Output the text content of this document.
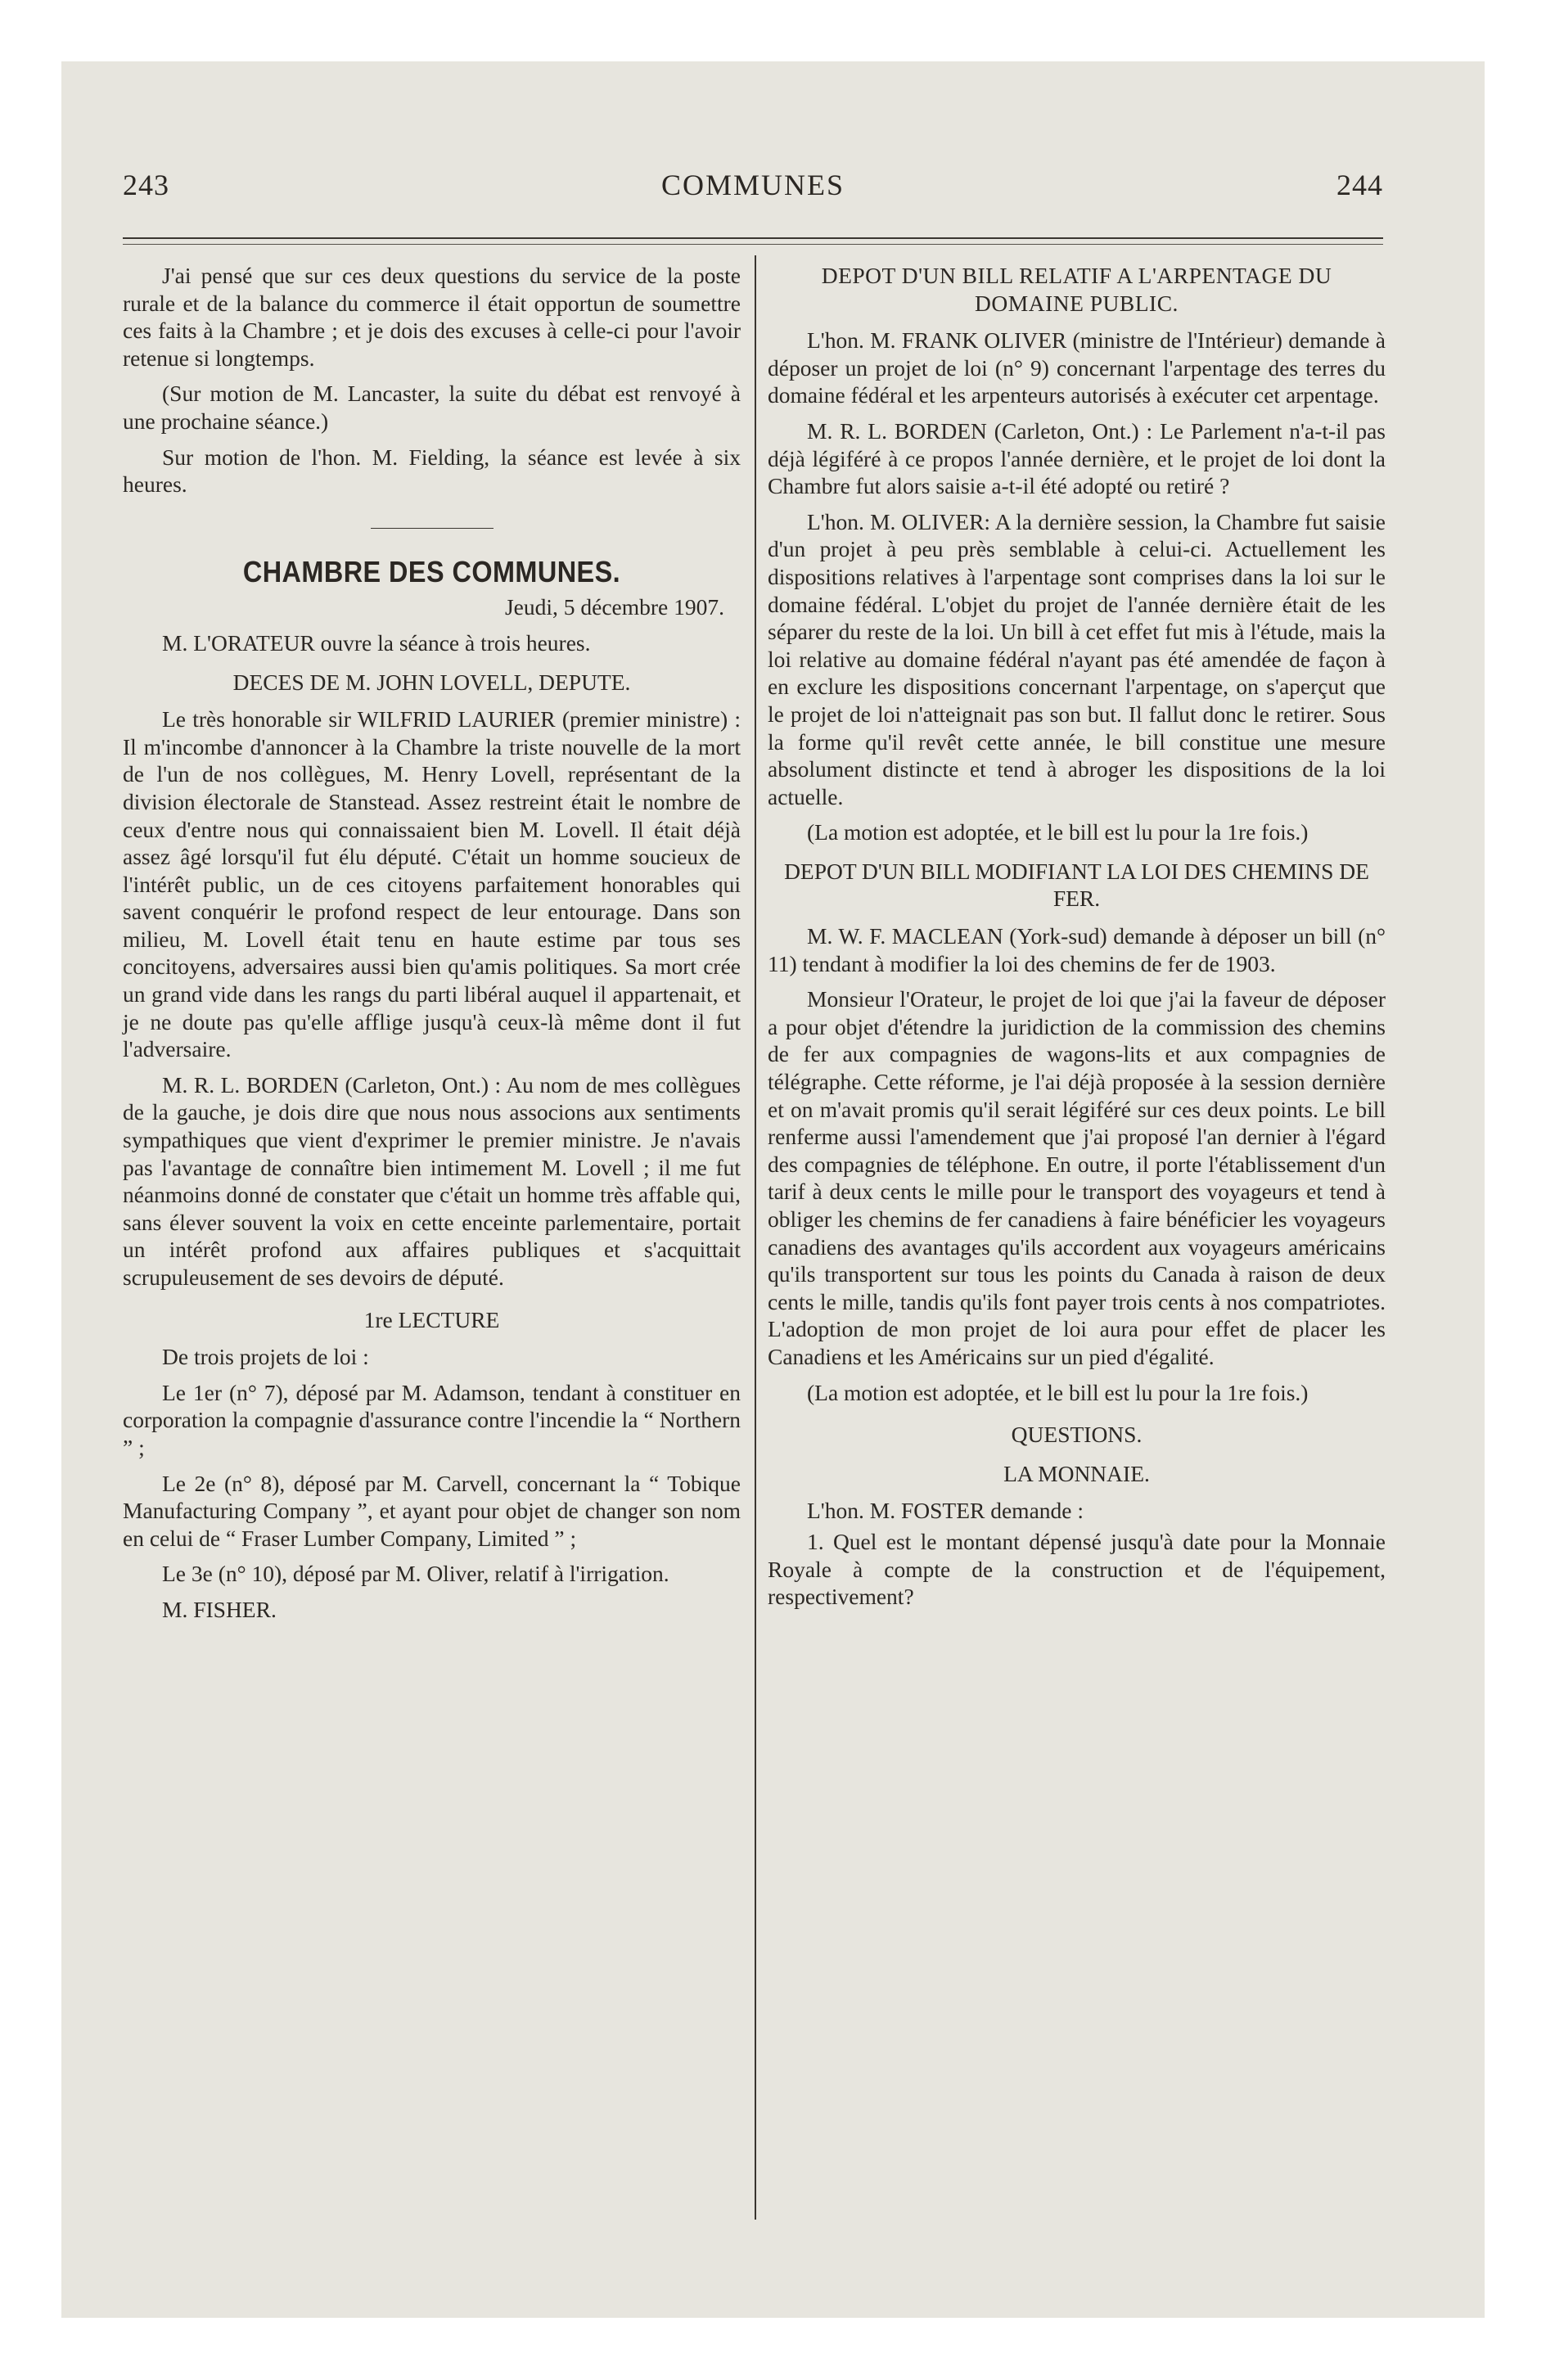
243	COMMUNES	244

J'ai pensé que sur ces deux questions du service de la poste rurale et de la balance du commerce il était opportun de soumettre ces faits à la Chambre ; et je dois des excuses à celle-ci pour l'avoir retenue si longtemps.

(Sur motion de M. Lancaster, la suite du débat est renvoyé à une prochaine séance.)

Sur motion de l'hon. M. Fielding, la séance est levée à six heures.

CHAMBRE DES COMMUNES.

Jeudi, 5 décembre 1907.

M. L'ORATEUR ouvre la séance à trois heures.

DECES DE M. JOHN LOVELL, DEPUTE.

Le très honorable sir WILFRID LAURIER (premier ministre) : Il m'incombe d'annoncer à la Chambre la triste nouvelle de la mort de l'un de nos collègues, M. Henry Lovell, représentant de la division électorale de Stanstead. Assez restreint était le nombre de ceux d'entre nous qui connaissaient bien M. Lovell. Il était déjà assez âgé lorsqu'il fut élu député. C'était un homme soucieux de l'intérêt public, un de ces citoyens parfaitement honorables qui savent conquérir le profond respect de leur entourage. Dans son milieu, M. Lovell était tenu en haute estime par tous ses concitoyens, adversaires aussi bien qu'amis politiques. Sa mort crée un grand vide dans les rangs du parti libéral auquel il appartenait, et je ne doute pas qu'elle afflige jusqu'à ceux-là même dont il fut l'adversaire.

M. R. L. BORDEN (Carleton, Ont.) : Au nom de mes collègues de la gauche, je dois dire que nous nous associons aux sentiments sympathiques que vient d'exprimer le premier ministre. Je n'avais pas l'avantage de connaître bien intimement M. Lovell ; il me fut néanmoins donné de constater que c'était un homme très affable qui, sans élever souvent la voix en cette enceinte parlementaire, portait un intérêt profond aux affaires publiques et s'acquittait scrupuleusement de ses devoirs de député.

1re LECTURE

De trois projets de loi :

Le 1er (n° 7), déposé par M. Adamson, tendant à constituer en corporation la compagnie d'assurance contre l'incendie la “ Northern ” ;

Le 2e (n° 8), déposé par M. Carvell, concernant la “ Tobique Manufacturing Company ”, et ayant pour objet de changer son nom en celui de “ Fraser Lumber Company, Limited ” ;

Le 3e (n° 10), déposé par M. Oliver, relatif à l'irrigation.

M. FISHER.

DEPOT D'UN BILL RELATIF A L'ARPENTAGE DU DOMAINE PUBLIC.

L'hon. M. FRANK OLIVER (ministre de l'Intérieur) demande à déposer un projet de loi (n° 9) concernant l'arpentage des terres du domaine fédéral et les arpenteurs autorisés à exécuter cet arpentage.

M. R. L. BORDEN (Carleton, Ont.) : Le Parlement n'a-t-il pas déjà légiféré à ce propos l'année dernière, et le projet de loi dont la Chambre fut alors saisie a-t-il été adopté ou retiré ?

L'hon. M. OLIVER: A la dernière session, la Chambre fut saisie d'un projet à peu près semblable à celui-ci. Actuellement les dispositions relatives à l'arpentage sont comprises dans la loi sur le domaine fédéral. L'objet du projet de l'année dernière était de les séparer du reste de la loi. Un bill à cet effet fut mis à l'étude, mais la loi relative au domaine fédéral n'ayant pas été amendée de façon à en exclure les dispositions concernant l'arpentage, on s'aperçut que le projet de loi n'atteignait pas son but. Il fallut donc le retirer. Sous la forme qu'il revêt cette année, le bill constitue une mesure absolument distincte et tend à abroger les dispositions de la loi actuelle.

(La motion est adoptée, et le bill est lu pour la 1re fois.)

DEPOT D'UN BILL MODIFIANT LA LOI DES CHEMINS DE FER.

M. W. F. MACLEAN (York-sud) demande à déposer un bill (n° 11) tendant à modifier la loi des chemins de fer de 1903.

Monsieur l'Orateur, le projet de loi que j'ai la faveur de déposer a pour objet d'étendre la juridiction de la commission des chemins de fer aux compagnies de wagons-lits et aux compagnies de télégraphe. Cette réforme, je l'ai déjà proposée à la session dernière et on m'avait promis qu'il serait légiféré sur ces deux points. Le bill renferme aussi l'amendement que j'ai proposé l'an dernier à l'égard des compagnies de téléphone. En outre, il porte l'établissement d'un tarif à deux cents le mille pour le transport des voyageurs et tend à obliger les chemins de fer canadiens à faire bénéficier les voyageurs canadiens des avantages qu'ils accordent aux voyageurs américains qu'ils transportent sur tous les points du Canada à raison de deux cents le mille, tandis qu'ils font payer trois cents à nos compatriotes. L'adoption de mon projet de loi aura pour effet de placer les Canadiens et les Américains sur un pied d'égalité.

(La motion est adoptée, et le bill est lu pour la 1re fois.)

QUESTIONS.

LA MONNAIE.

L'hon. M. FOSTER demande :

1. Quel est le montant dépensé jusqu'à date pour la Monnaie Royale à compte de la construction et de l'équipement, respectivement?
